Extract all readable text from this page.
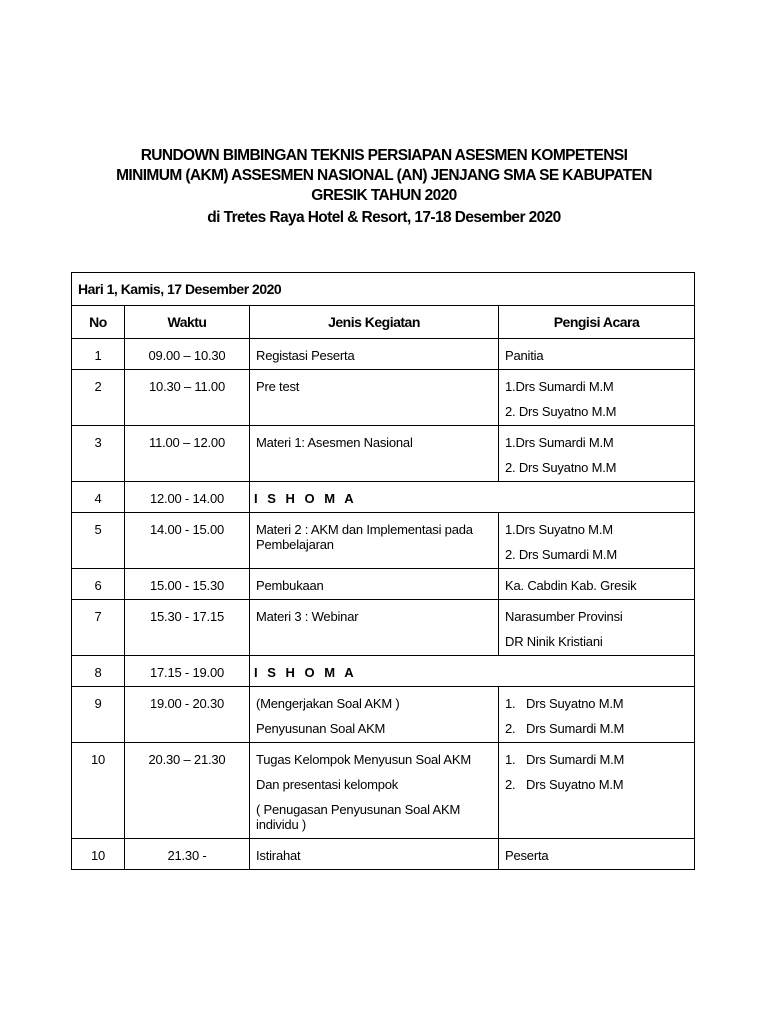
RUNDOWN BIMBINGAN TEKNIS PERSIAPAN ASESMEN KOMPETENSI
MINIMUM (AKM) ASSESMEN NASIONAL (AN) JENJANG SMA SE KABUPATEN
GRESIK TAHUN 2020
di Tretes Raya Hotel & Resort, 17-18 Desember 2020
Hari 1, Kamis, 17 Desember 2020			
No	Waktu	Jenis Kegiatan	Pengisi Acara
1	09.00 – 10.30	Registasi Peserta	Panitia

2	10.30 – 11.00	Pre test	1.Drs Sumardi M.M
2. Drs Suyatno M.M

3	11.00 – 12.00	Materi 1: Asesmen Nasional	1.Drs Sumardi M.M
2. Drs Suyatno M.M

4	12.00 - 14.00	I S H O M A	
5	14.00 - 15.00	Materi 2 : AKM dan Implementasi pada Pembelajaran	1.Drs Suyatno M.M
2. Drs Sumardi M.M

6	15.00 - 15.30	Pembukaan	Ka. Cabdin Kab. Gresik

7	15.30 - 17.15	Materi 3 : Webinar	Narasumber Provinsi
DR Ninik Kristiani

8	17.15 - 19.00	I S H O M A	
9	19.00 - 20.30	(Mengerjakan Soal AKM )
Penyusunan Soal AKM	1. Drs Suyatno M.M
2. Drs Sumardi M.M

10	20.30 – 21.30	Tugas Kelompok Menyusun Soal AKM
Dan presentasi kelompok
( Penugasan Penyusunan Soal AKM individu )	1. Drs Sumardi M.M
2. Drs Suyatno M.M

10	21.30 -	Istirahat	Peserta
